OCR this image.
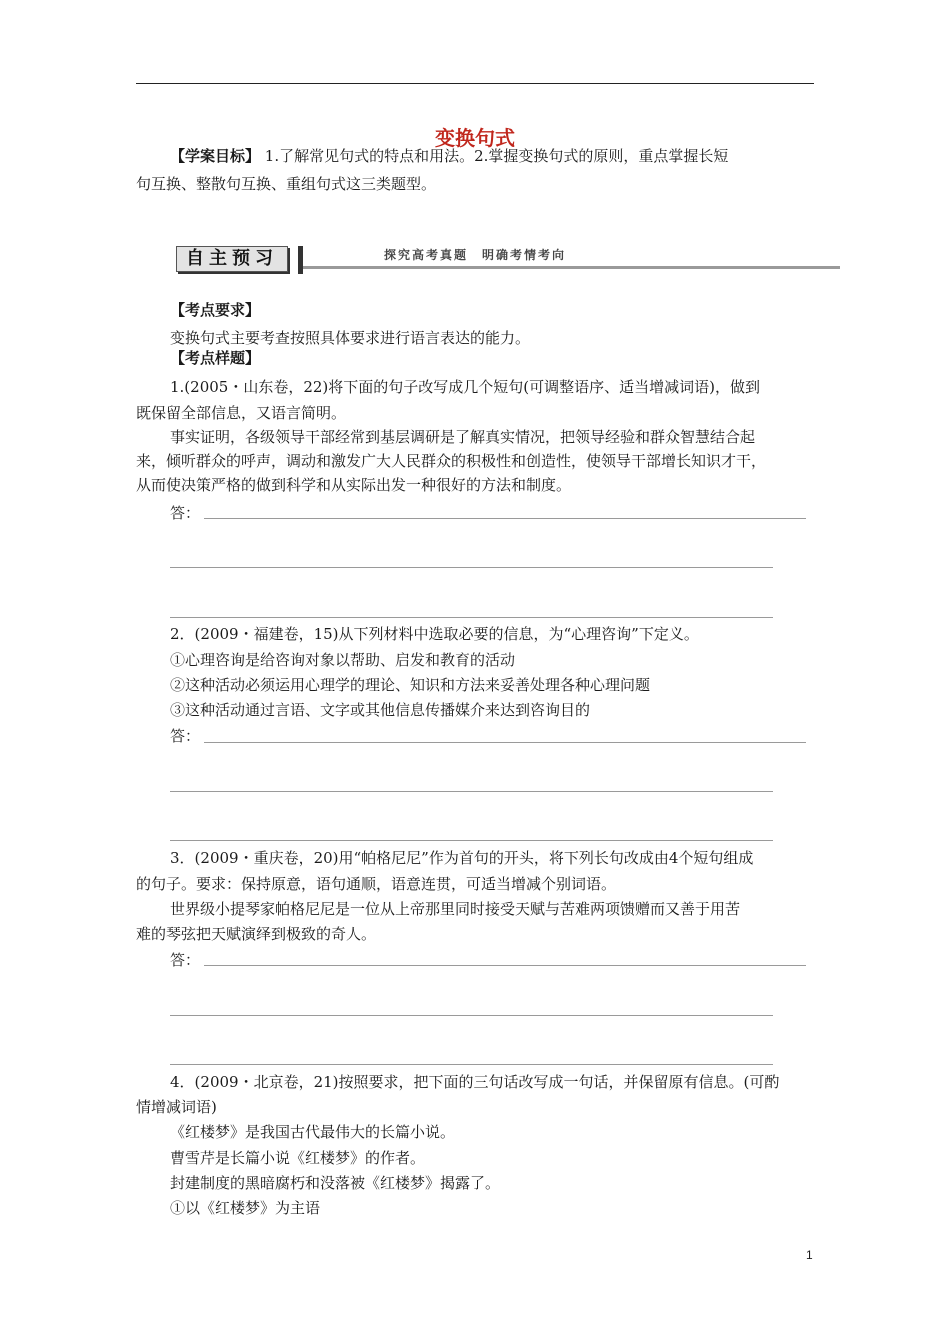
变换句式
【学案目标】 1.了解常见句式的特点和用法。2.掌握变换句式的原则，重点掌握长短
句互换、整散句互换、重组句式这三类题型。
自主预习	探究高考真题　明确考情考向
【考点要求】
变换句式主要考查按照具体要求进行语言表达的能力。
【考点样题】
1.(2005・山东卷，22)将下面的句子改写成几个短句(可调整语序、适当增减词语)，做到
既保留全部信息，又语言简明。
事实证明，各级领导干部经常到基层调研是了解真实情况，把领导经验和群众智慧结合起
来，倾听群众的呼声，调动和激发广大人民群众的积极性和创造性，使领导干部增长知识才干，
从而使决策严格的做到科学和从实际出发一种很好的方法和制度。
答：
2．(2009・福建卷，15)从下列材料中选取必要的信息，为“心理咨询”下定义。
①心理咨询是给咨询对象以帮助、启发和教育的活动
②这种活动必须运用心理学的理论、知识和方法来妥善处理各种心理问题
③这种活动通过言语、文字或其他信息传播媒介来达到咨询目的
答：
3．(2009・重庆卷，20)用“帕格尼尼”作为首句的开头，将下列长句改成由4个短句组成
的句子。要求：保持原意，语句通顺，语意连贯，可适当增减个别词语。
世界级小提琴家帕格尼尼是一位从上帝那里同时接受天赋与苦难两项馈赠而又善于用苦
难的琴弦把天赋演绎到极致的奇人。
答：
4．(2009・北京卷，21)按照要求，把下面的三句话改写成一句话，并保留原有信息。(可酌
情增减词语)
《红楼梦》是我国古代最伟大的长篇小说。
曹雪芹是长篇小说《红楼梦》的作者。
封建制度的黑暗腐朽和没落被《红楼梦》揭露了。
①以《红楼梦》为主语
1
